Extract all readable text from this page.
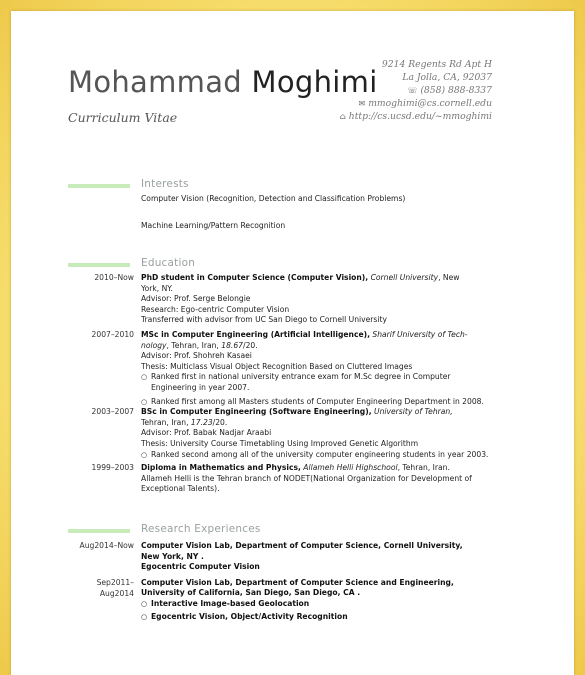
Mohammad Moghimi
Curriculum Vitae
9214 Regents Rd Apt H
La Jolla, CA, 92037
☏ (858) 888-8337
✉ mmoghimi@cs.cornell.edu
⌂ http://cs.ucsd.edu/~mmoghimi
Interests
Computer Vision (Recognition, Detection and Classification Problems)
Machine Learning/Pattern Recognition
Education
2010–Now PhD student in Computer Science (Computer Vision), Cornell University, New
York, NY.
Advisor: Prof. Serge Belongie
Research: Ego-centric Computer Vision
Transferred with advisor from UC San Diego to Cornell University
2007–2010 MSc in Computer Engineering (Artificial Intelligence), Sharif University of Tech-
nology, Tehran, Iran, 18.67/20.
Advisor: Prof. Shohreh Kasaei
Thesis: Multiclass Visual Object Recognition Based on Cluttered Images
○ Ranked first in national university entrance exam for M.Sc degree in Computer Engineering in year 2007.
○ Ranked first among all Masters students of Computer Engineering Department in 2008.
2003–2007 BSc in Computer Engineering (Software Engineering), University of Tehran,
Tehran, Iran, 17.23/20.
Advisor: Prof. Babak Nadjar Araabi
Thesis: University Course Timetabling Using Improved Genetic Algorithm
○ Ranked second among all of the university computer engineering students in year 2003.
1999–2003 Diploma in Mathematics and Physics, Allameh Helli Highschool, Tehran, Iran.
Allameh Helli is the Tehran branch of NODET(National Organization for Development of
Exceptional Talents).
Research Experiences
Aug2014–Now Computer Vision Lab, Department of Computer Science, Cornell University,
New York, NY .
Egocentric Computer Vision
Sep2011–
Aug2014
Computer Vision Lab, Department of Computer Science and Engineering,
University of California, San Diego, San Diego, CA .
○ Interactive Image-based Geolocation
○ Egocentric Vision, Object/Activity Recognition
